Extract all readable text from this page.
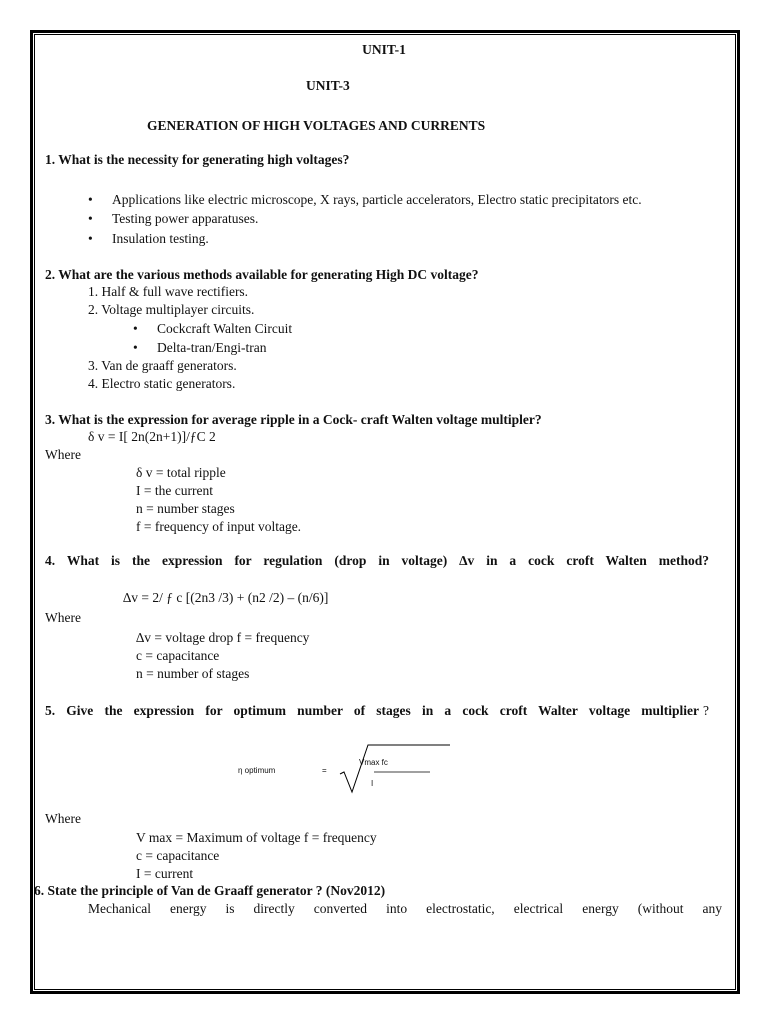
UNIT-1
UNIT-3
GENERATION OF HIGH VOLTAGES AND CURRENTS
1. What is the necessity for generating high voltages?
• Applications like electric microscope, X rays, particle accelerators, Electro static precipitators etc.
• Testing power apparatuses.
• Insulation testing.
2. What are the various methods available for generating High DC voltage?
1. Half & full wave rectifiers.
2. Voltage multiplayer circuits.
• Cockcraft Walten Circuit
• Delta-tran/Engi-tran
3. Van de graaff generators.
4. Electro static generators.
3. What is the expression for average ripple in a Cock- craft Walten voltage multipler?
δ v = I[ 2n(2n+1)]/ƒC 2
Where
δ v = total ripple
I = the current
n = number stages
f = frequency of input voltage.
4. What is the expression for regulation (drop in voltage) ∆v in a cock croft Walten method?
∆v = 2/ ƒ c [(2n3 /3) + (n2 /2) – (n/6)]
Where
∆v = voltage drop f = frequency
c = capacitance
n = number of stages
5. Give the expression for optimum number of stages in a cock croft Walter voltage multiplier ?
η optimum	=
Vmax fc
I
Where
V max = Maximum of voltage f = frequency
c = capacitance
I = current
6. State the principle of Van de Graaff generator ? (Nov2012)
Mechanical energy is directly converted into electrostatic, electrical energy (without any
